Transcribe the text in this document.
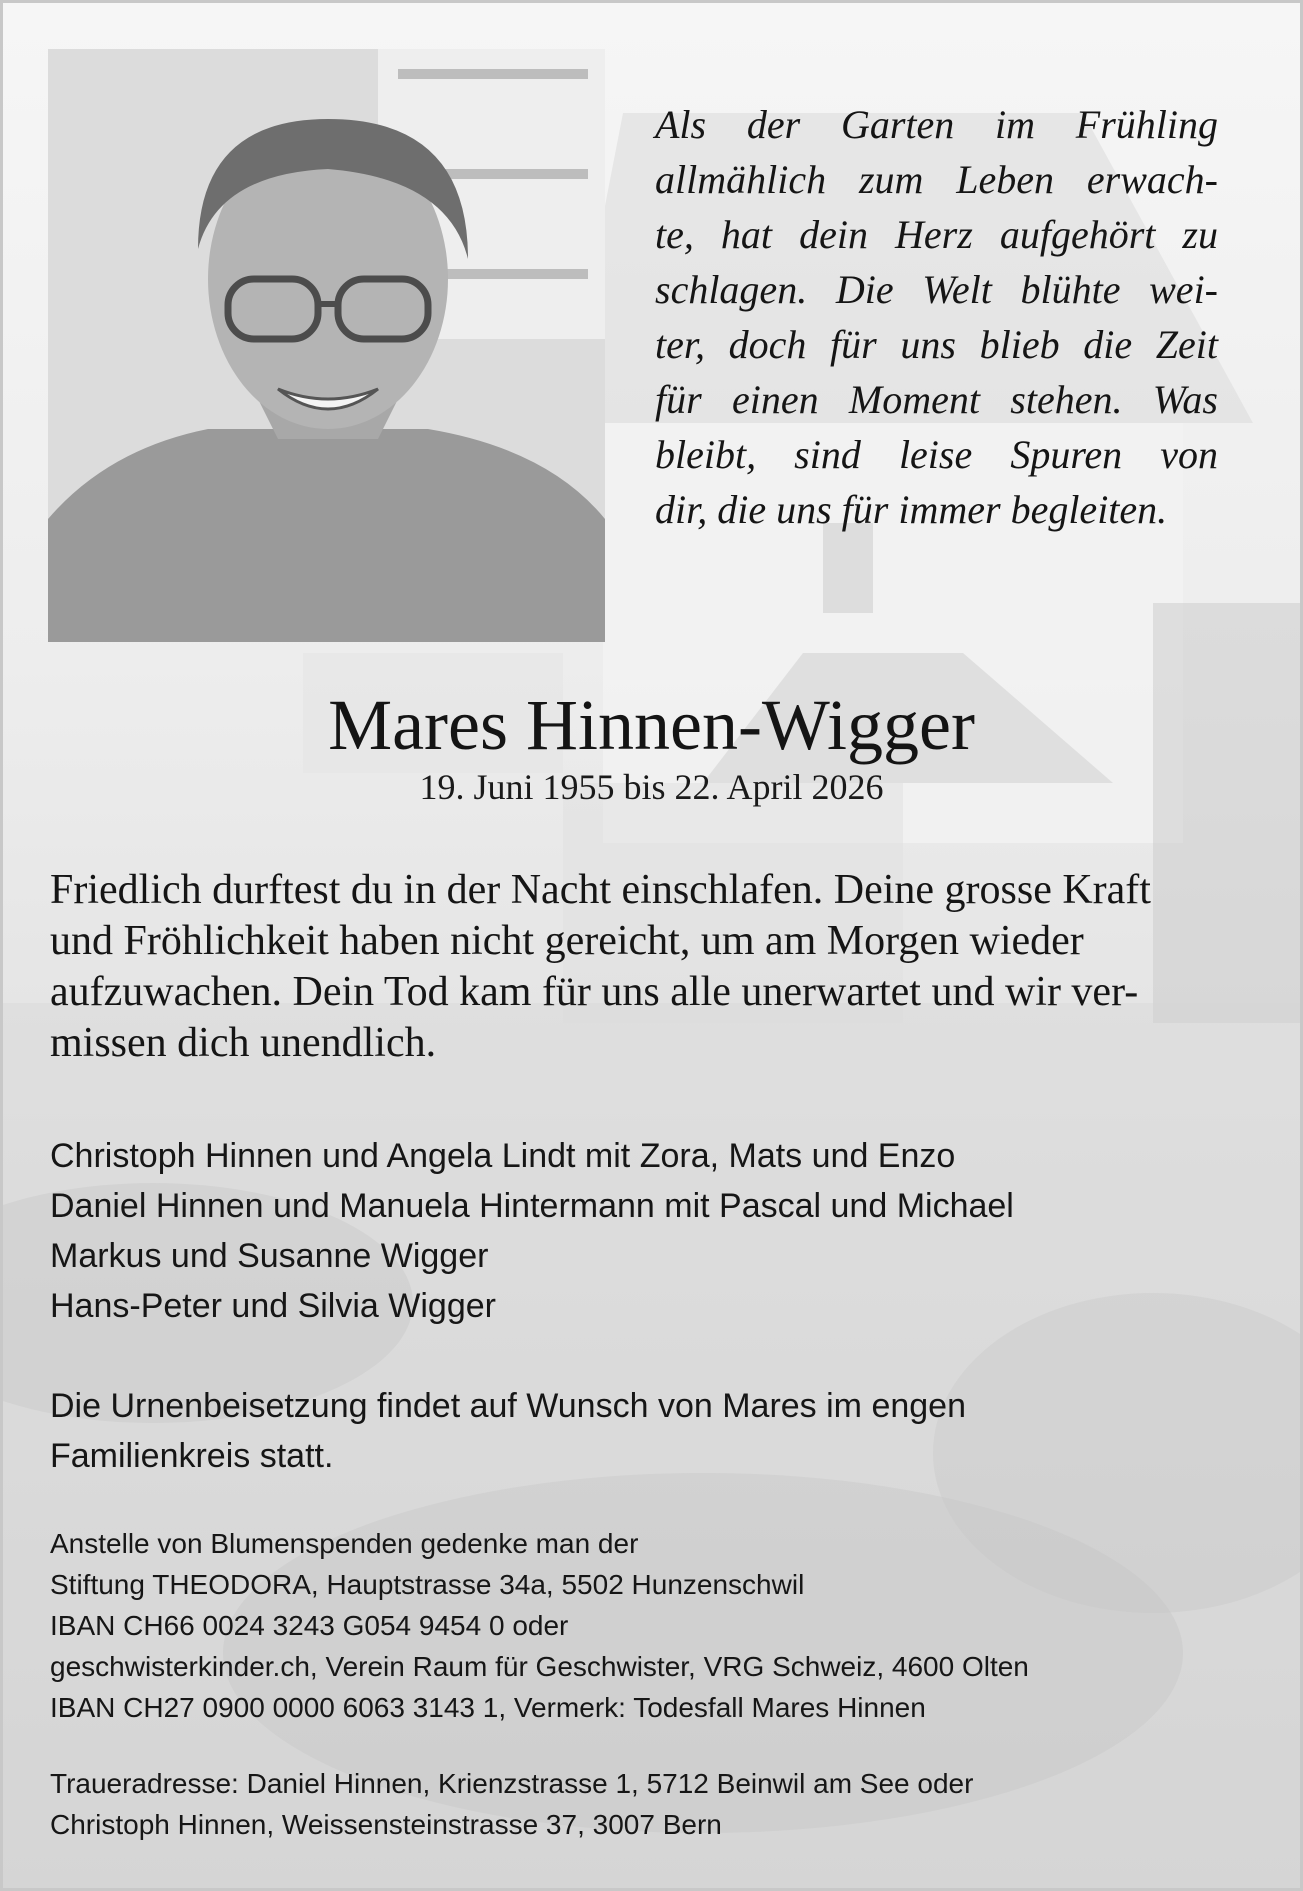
Als der Garten im Frühling
allmählich zum Leben erwach-
te, hat dein Herz aufgehört zu
schlagen. Die Welt blühte wei-
ter, doch für uns blieb die Zeit
für einen Moment stehen. Was
bleibt, sind leise Spuren von
dir, die uns für immer begleiten.

Mares Hinnen-Wigger
19. Juni 1955 bis 22. April 2026

Friedlich durftest du in der Nacht einschlafen. Deine grosse Kraft
und Fröhlichkeit haben nicht gereicht, um am Morgen wieder
aufzuwachen. Dein Tod kam für uns alle unerwartet und wir ver-
missen dich unendlich.

Christoph Hinnen und Angela Lindt mit Zora, Mats und Enzo
Daniel Hinnen und Manuela Hintermann mit Pascal und Michael
Markus und Susanne Wigger
Hans-Peter und Silvia Wigger

Die Urnenbeisetzung findet auf Wunsch von Mares im engen
Familienkreis statt.

Anstelle von Blumenspenden gedenke man der
Stiftung THEODORA, Hauptstrasse 34a, 5502 Hunzenschwil
IBAN CH66 0024 3243 G054 9454 0 oder
geschwisterkinder.ch, Verein Raum für Geschwister, VRG Schweiz, 4600 Olten
IBAN CH27 0900 0000 6063 3143 1, Vermerk: Todesfall Mares Hinnen

Traueradresse: Daniel Hinnen, Krienzstrasse 1, 5712 Beinwil am See oder
Christoph Hinnen, Weissensteinstrasse 37, 3007 Bern
